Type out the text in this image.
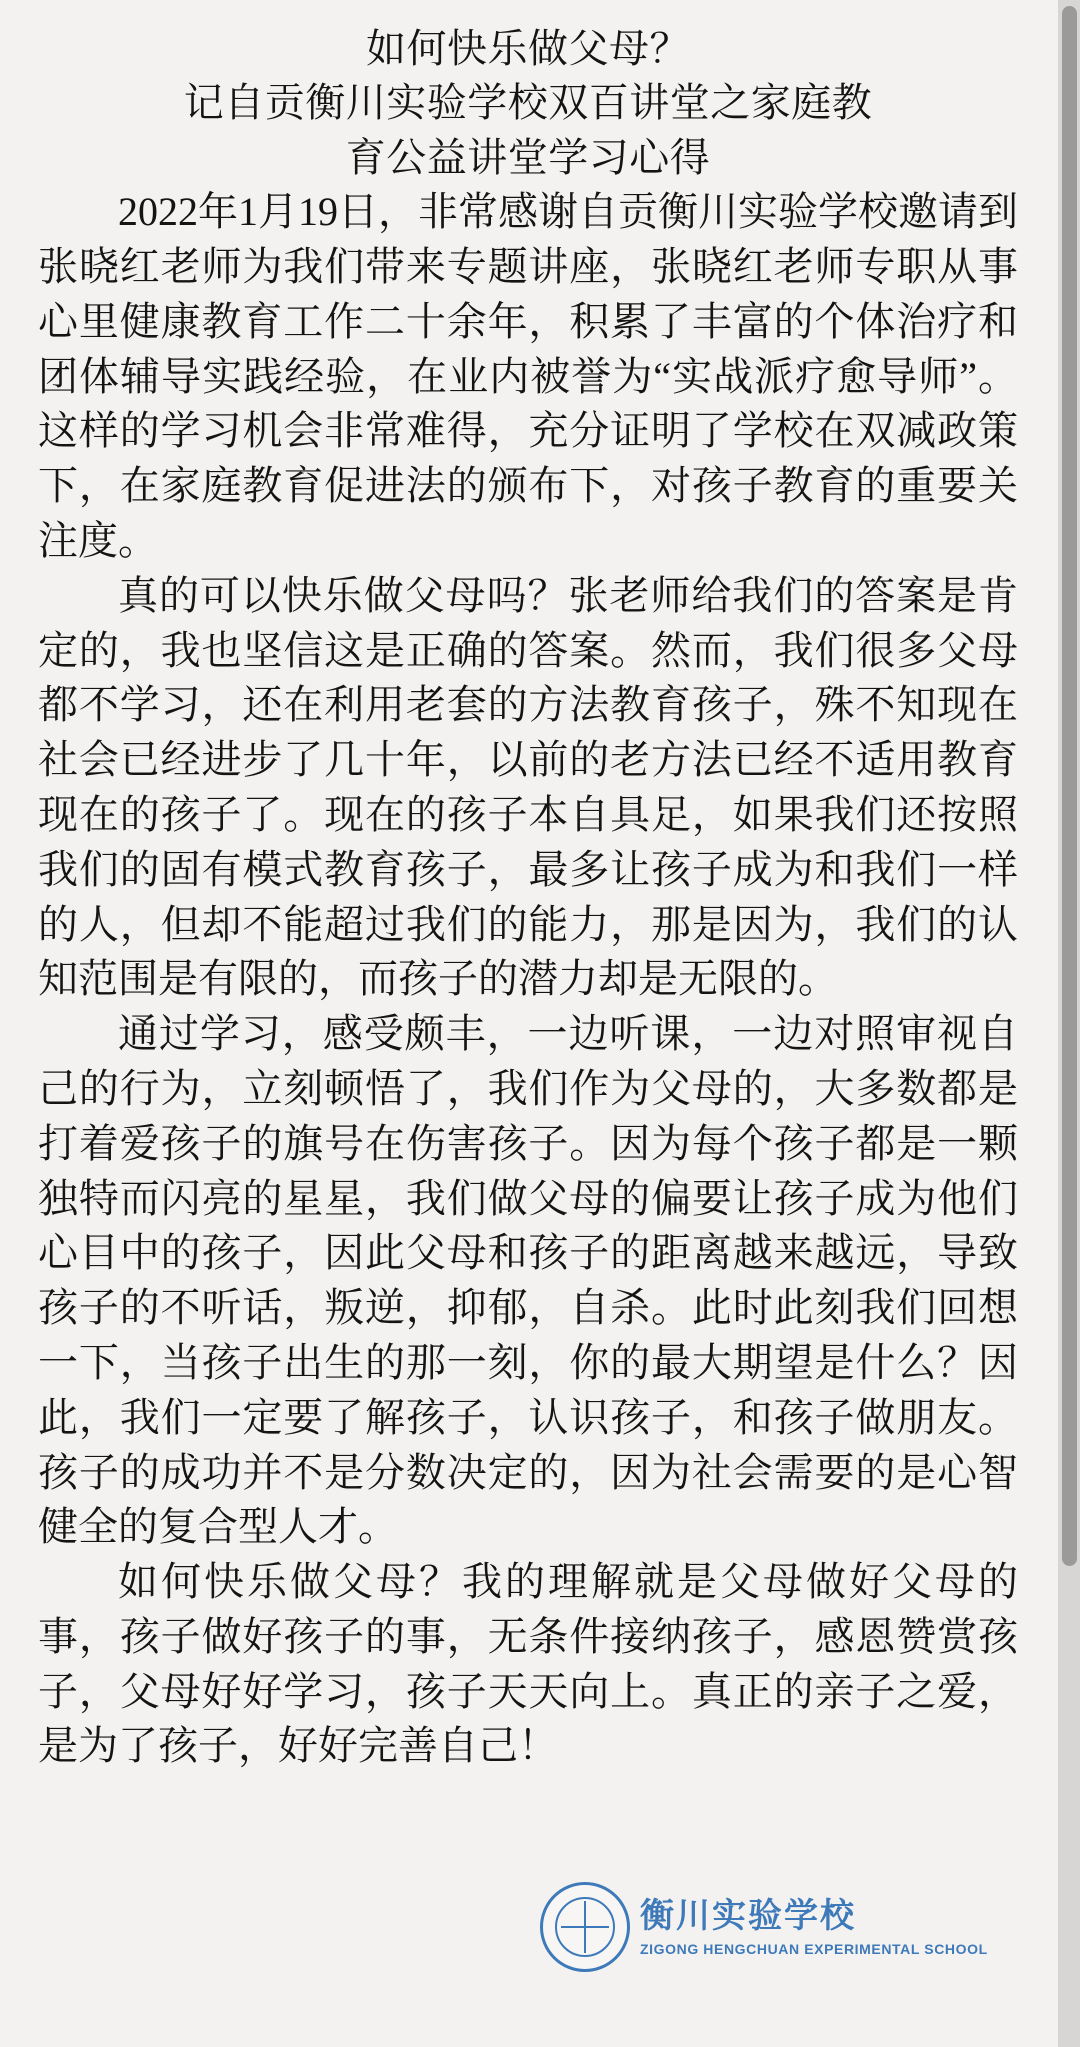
如何快乐做父母？
记自贡衡川实验学校双百讲堂之家庭教
育公益讲堂学习心得

2022年1月19日，非常感谢自贡衡川实验学校邀请到张晓红老师为我们带来专题讲座，张晓红老师专职从事心里健康教育工作二十余年，积累了丰富的个体治疗和团体辅导实践经验，在业内被誉为“实战派疗愈导师”。这样的学习机会非常难得，充分证明了学校在双减政策下，在家庭教育促进法的颁布下，对孩子教育的重要关注度。

真的可以快乐做父母吗？张老师给我们的答案是肯定的，我也坚信这是正确的答案。然而，我们很多父母都不学习，还在利用老套的方法教育孩子，殊不知现在社会已经进步了几十年，以前的老方法已经不适用教育现在的孩子了。现在的孩子本自具足，如果我们还按照我们的固有模式教育孩子，最多让孩子成为和我们一样的人，但却不能超过我们的能力，那是因为，我们的认知范围是有限的，而孩子的潜力却是无限的。

通过学习，感受颇丰，一边听课，一边对照审视自己的行为，立刻顿悟了，我们作为父母的，大多数都是打着爱孩子的旗号在伤害孩子。因为每个孩子都是一颗独特而闪亮的星星，我们做父母的偏要让孩子成为他们心目中的孩子，因此父母和孩子的距离越来越远，导致孩子的不听话，叛逆，抑郁，自杀。此时此刻我们回想一下，当孩子出生的那一刻，你的最大期望是什么？因此，我们一定要了解孩子，认识孩子，和孩子做朋友。孩子的成功并不是分数决定的，因为社会需要的是心智健全的复合型人才。

如何快乐做父母？我的理解就是父母做好父母的事，孩子做好孩子的事，无条件接纳孩子，感恩赞赏孩子，父母好好学习，孩子天天向上。真正的亲子之爱，是为了孩子，好好完善自己！

衡川实验学校
ZIGONG HENGCHUAN EXPERIMENTAL SCHOOL
